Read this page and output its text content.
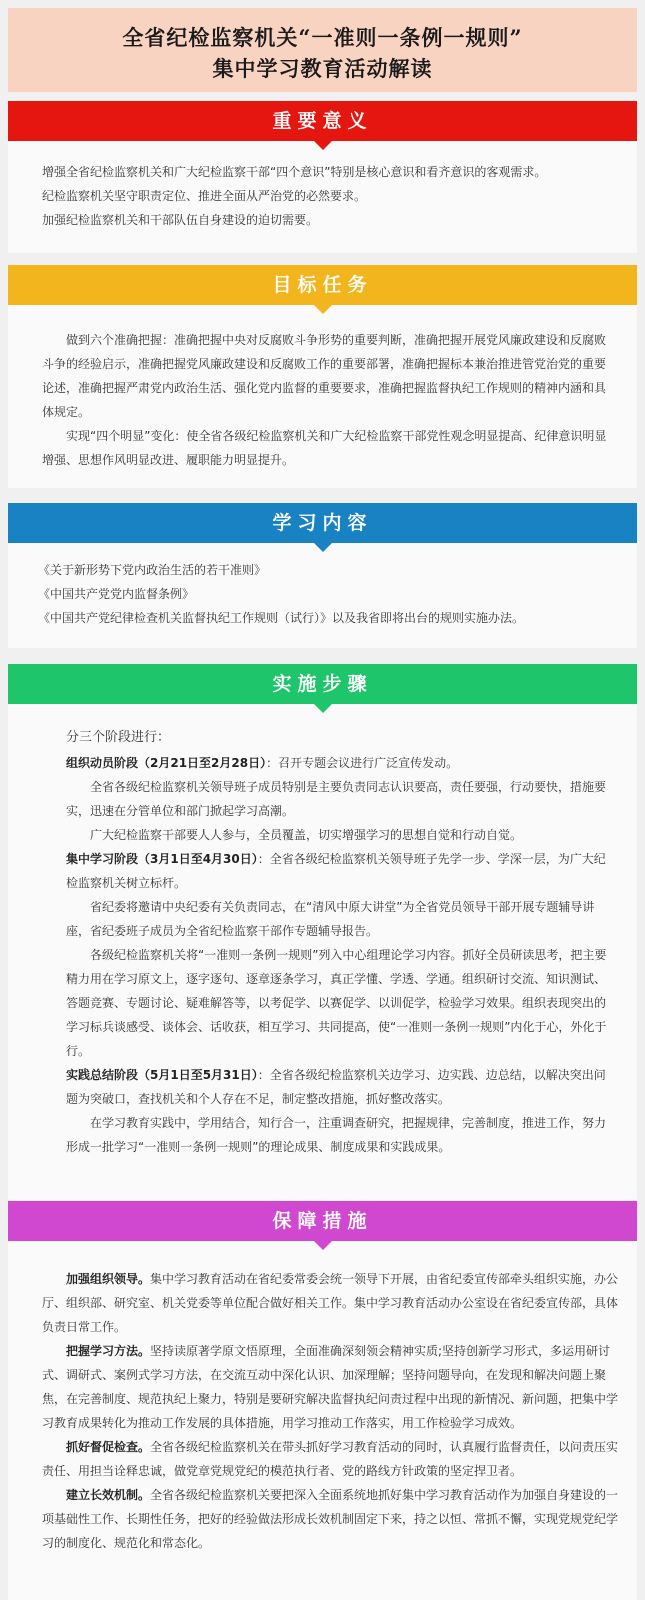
全省纪检监察机关“一准则一条例一规则”
集中学习教育活动解读
重要意义
增强全省纪检监察机关和广大纪检监察干部“四个意识”特别是核心意识和看齐意识的客观需求。
纪检监察机关坚守职责定位、推进全面从严治党的必然要求。
加强纪检监察机关和干部队伍自身建设的迫切需要。
目标任务
做到六个准确把握：准确把握中央对反腐败斗争形势的重要判断，准确把握开展党风廉政建设和反腐败斗争的经验启示，准确把握党风廉政建设和反腐败工作的重要部署，准确把握标本兼治推进管党治党的重要论述，准确把握严肃党内政治生活、强化党内监督的重要要求，准确把握监督执纪工作规则的精神内涵和具体规定。
实现“四个明显”变化：使全省各级纪检监察机关和广大纪检监察干部党性观念明显提高、纪律意识明显增强、思想作风明显改进、履职能力明显提升。
学习内容
《关于新形势下党内政治生活的若干准则》
《中国共产党党内监督条例》
《中国共产党纪律检查机关监督执纪工作规则（试行）》以及我省即将出台的规则实施办法。
实施步骤
分三个阶段进行：
组织动员阶段（2月21日至2月28日）：召开专题会议进行广泛宣传发动。
全省各级纪检监察机关领导班子成员特别是主要负责同志认识要高，责任要强，行动要快，措施要实，迅速在分管单位和部门掀起学习高潮。
广大纪检监察干部要人人参与，全员覆盖，切实增强学习的思想自觉和行动自觉。
集中学习阶段（3月1日至4月30日）：全省各级纪检监察机关领导班子先学一步、学深一层，为广大纪检监察机关树立标杆。
省纪委将邀请中央纪委有关负责同志，在“清风中原大讲堂”为全省党员领导干部开展专题辅导讲座，省纪委班子成员为全省纪检监察干部作专题辅导报告。
各级纪检监察机关将“一准则一条例一规则”列入中心组理论学习内容。抓好全员研读思考，把主要精力用在学习原文上，逐字逐句、逐章逐条学习，真正学懂、学透、学通。组织研讨交流、知识测试、答题竞赛、专题讨论、疑难解答等，以考促学、以赛促学、以训促学，检验学习效果。组织表现突出的学习标兵谈感受、谈体会、话收获，相互学习、共同提高，使“一准则一条例一规则”内化于心，外化于行。
实践总结阶段（5月1日至5月31日）：全省各级纪检监察机关边学习、边实践、边总结，以解决突出问题为突破口，查找机关和个人存在不足，制定整改措施，抓好整改落实。
在学习教育实践中，学用结合，知行合一，注重调查研究，把握规律，完善制度，推进工作，努力形成一批学习“一准则一条例一规则”的理论成果、制度成果和实践成果。
保障措施
加强组织领导。集中学习教育活动在省纪委常委会统一领导下开展，由省纪委宣传部牵头组织实施，办公厅、组织部、研究室、机关党委等单位配合做好相关工作。集中学习教育活动办公室设在省纪委宣传部，具体负责日常工作。
把握学习方法。坚持读原著学原文悟原理，全面准确深刻领会精神实质;坚持创新学习形式，多运用研讨式、调研式、案例式学习方法，在交流互动中深化认识、加深理解；坚持问题导向，在发现和解决问题上聚焦，在完善制度、规范执纪上聚力，特别是要研究解决监督执纪问责过程中出现的新情况、新问题，把集中学习教育成果转化为推动工作发展的具体措施，用学习推动工作落实，用工作检验学习成效。
抓好督促检查。全省各级纪检监察机关在带头抓好学习教育活动的同时，认真履行监督责任，以问责压实责任、用担当诠释忠诚，做党章党规党纪的模范执行者、党的路线方针政策的坚定捍卫者。
建立长效机制。全省各级纪检监察机关要把深入全面系统地抓好集中学习教育活动作为加强自身建设的一项基础性工作、长期性任务，把好的经验做法形成长效机制固定下来，持之以恒、常抓不懈，实现党规党纪学习的制度化、规范化和常态化。
